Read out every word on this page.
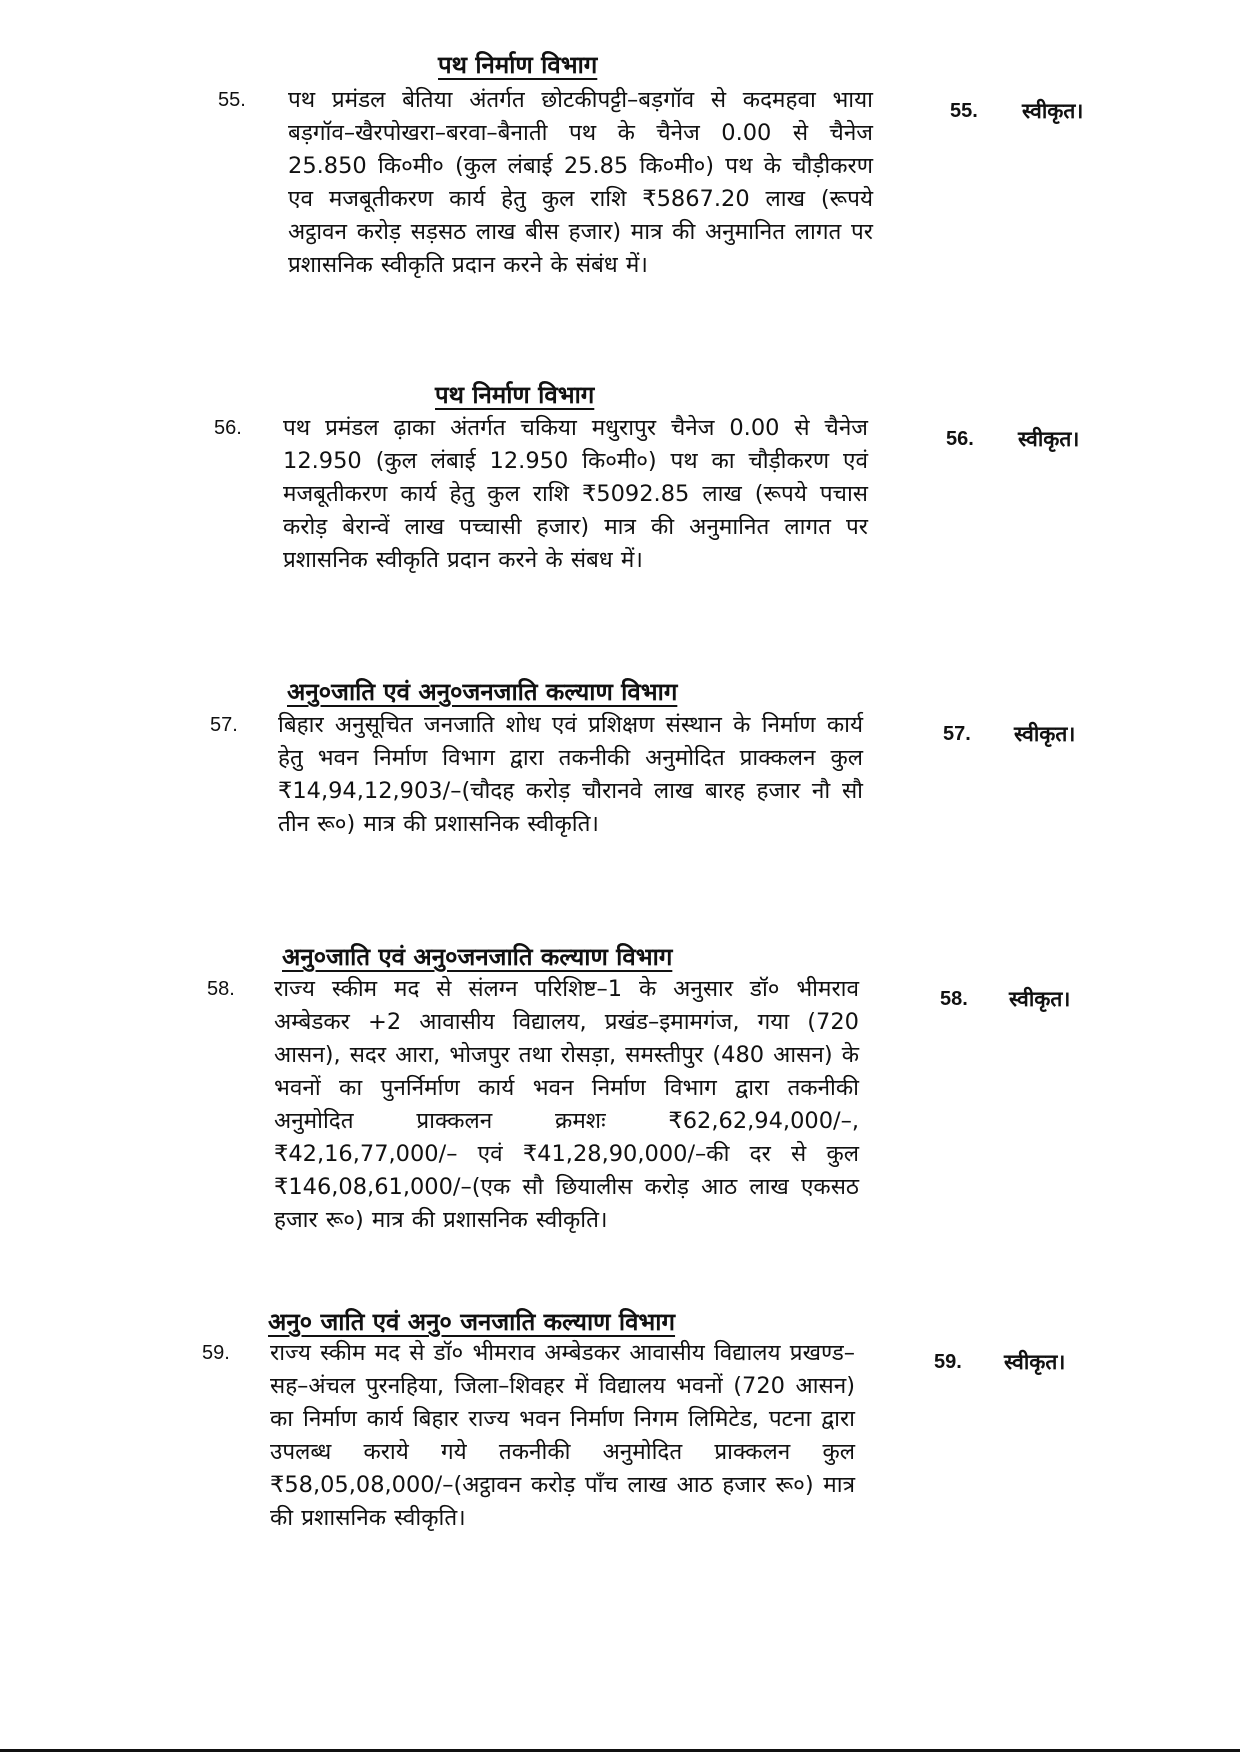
पथ निर्माण विभाग
55. पथ प्रमंडल बेतिया अंतर्गत छोटकीपट्टी–बड़गॉव से कदमहवा भाया बड़गॉव–खैरपोखरा–बरवा–बैनाती पथ के चैनेज 0.00 से चैनेज 25.850 कि०मी० (कुल लंबाई 25.85 कि०मी०) पथ के चौड़ीकरण एव मजबूतीकरण कार्य हेतु कुल राशि ₹5867.20 लाख (रूपये अट्ठावन करोड़ सड़सठ लाख बीस हजार) मात्र की अनुमानित लागत पर प्रशासनिक स्वीकृति प्रदान करने के संबंध में।
55. स्वीकृत।
पथ निर्माण विभाग
56. पथ प्रमंडल ढ़ाका अंतर्गत चकिया मधुरापुर चैनेज 0.00 से चैनेज 12.950 (कुल लंबाई 12.950 कि०मी०) पथ का चौड़ीकरण एवं मजबूतीकरण कार्य हेतु कुल राशि ₹5092.85 लाख (रूपये पचास करोड़ बेरान्वें लाख पच्चासी हजार) मात्र की अनुमानित लागत पर प्रशासनिक स्वीकृति प्रदान करने के संबध में।
56. स्वीकृत।
अनु०जाति एवं अनु०जनजाति कल्याण विभाग
57. बिहार अनुसूचित जनजाति शोध एवं प्रशिक्षण संस्थान के निर्माण कार्य हेतु भवन निर्माण विभाग द्वारा तकनीकी अनुमोदित प्राक्कलन कुल ₹14,94,12,903/–(चौदह करोड़ चौरानवे लाख बारह हजार नौ सौ तीन रू०) मात्र की प्रशासनिक स्वीकृति।
57. स्वीकृत।
अनु०जाति एवं अनु०जनजाति कल्याण विभाग
58. राज्य स्कीम मद से संलग्न परिशिष्ट–1 के अनुसार डॉ० भीमराव अम्बेडकर +2 आवासीय विद्यालय, प्रखंड–इमामगंज, गया (720 आसन), सदर आरा, भोजपुर तथा रोसड़ा, समस्तीपुर (480 आसन) के भवनों का पुनर्निर्माण कार्य भवन निर्माण विभाग द्वारा तकनीकी अनुमोदित प्राक्कलन क्रमशः ₹62,62,94,000/–, ₹42,16,77,000/– एवं ₹41,28,90,000/–की दर से कुल ₹146,08,61,000/–(एक सौ छियालीस करोड़ आठ लाख एकसठ हजार रू०) मात्र की प्रशासनिक स्वीकृति।
58. स्वीकृत।
अनु० जाति एवं अनु० जनजाति कल्याण विभाग
59. राज्य स्कीम मद से डॉ० भीमराव अम्बेडकर आवासीय विद्यालय प्रखण्ड–सह–अंचल पुरनहिया, जिला–शिवहर में विद्यालय भवनों (720 आसन) का निर्माण कार्य बिहार राज्य भवन निर्माण निगम लिमिटेड, पटना द्वारा उपलब्ध कराये गये तकनीकी अनुमोदित प्राक्कलन कुल ₹58,05,08,000/–(अट्ठावन करोड़ पॉंच लाख आठ हजार रू०) मात्र की प्रशासनिक स्वीकृति।
59. स्वीकृत।
